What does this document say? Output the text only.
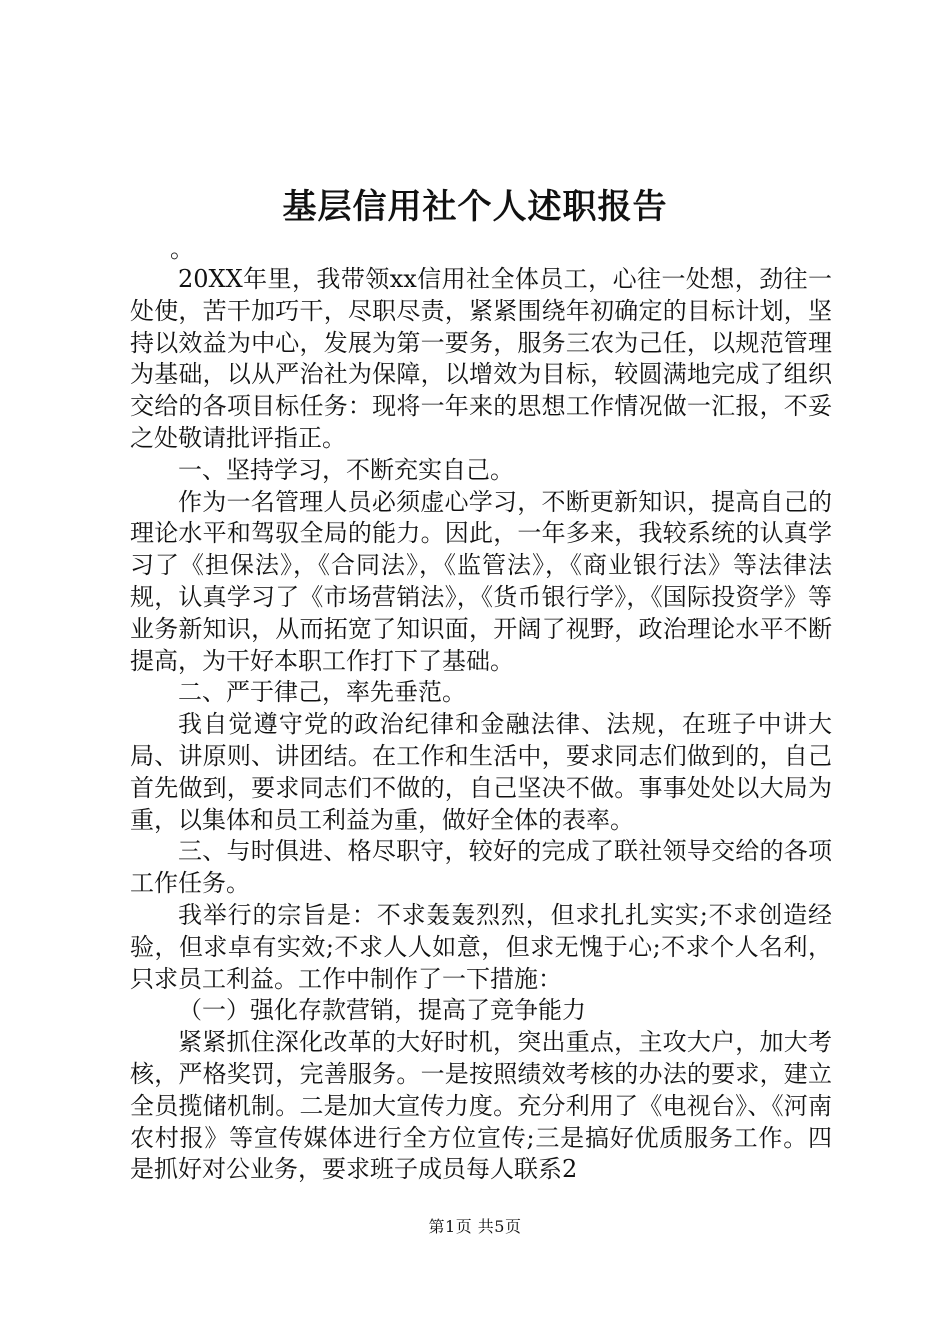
基层信用社个人述职报告

。

20XX年里，我带领xx信用社全体员工，心往一处想，劲往一处使，苦干加巧干，尽职尽责，紧紧围绕年初确定的目标计划，坚持以效益为中心，发展为第一要务，服务三农为己任，以规范管理为基础，以从严治社为保障，以增效为目标，较圆满地完成了组织交给的各项目标任务：现将一年来的思想工作情况做一汇报，不妥之处敬请批评指正。

一、坚持学习，不断充实自己。

作为一名管理人员必须虚心学习，不断更新知识，提高自己的理论水平和驾驭全局的能力。因此，一年多来，我较系统的认真学习了《担保法》，《合同法》，《监管法》，《商业银行法》等法律法规，认真学习了《市场营销法》，《货币银行学》，《国际投资学》等业务新知识，从而拓宽了知识面，开阔了视野，政治理论水平不断提高，为干好本职工作打下了基础。

二、严于律己，率先垂范。

我自觉遵守党的政治纪律和金融法律、法规，在班子中讲大局、讲原则、讲团结。在工作和生活中，要求同志们做到的，自己首先做到，要求同志们不做的，自己坚决不做。事事处处以大局为重，以集体和员工利益为重，做好全体的表率。

三、与时俱进、格尽职守，较好的完成了联社领导交给的各项工作任务。

我举行的宗旨是：不求轰轰烈烈，但求扎扎实实;不求创造经验，但求卓有实效;不求人人如意，但求无愧于心;不求个人名利，只求员工利益。工作中制作了一下措施：

（一）强化存款营销，提高了竞争能力

紧紧抓住深化改革的大好时机，突出重点，主攻大户，加大考核，严格奖罚，完善服务。一是按照绩效考核的办法的要求，建立全员揽储机制。二是加大宣传力度。充分利用了《电视台》、《河南农村报》等宣传媒体进行全方位宣传;三是搞好优质服务工作。四是抓好对公业务，要求班子成员每人联系2

第1页 共5页
